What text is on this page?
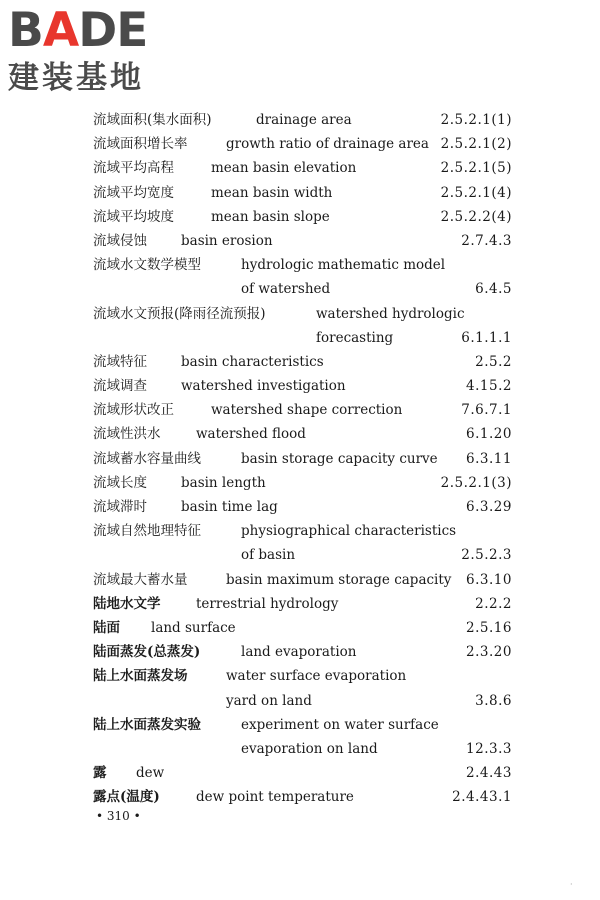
BADE
建装基地
流域面积(集水面积)	drainage area	2.5.2.1(1)
流域面积增长率	growth ratio of drainage area 2.5.2.1(2)
流域平均高程	mean basin elevation	2.5.2.1(5)
流域平均宽度	mean basin width	2.5.2.1(4)
流域平均坡度	mean basin slope	2.5.2.2(4)
流域侵蚀	basin erosion	2.7.4.3
流域水文数学模型	hydrologic mathematic model
of watershed	6.4.5
流域水文预报(降雨径流预报)	watershed hydrologic
forecasting	6.1.1.1
流域特征	basin characteristics	2.5.2
流域调查	watershed investigation	4.15.2
流域形状改正	watershed shape correction	7.6.7.1
流域性洪水	watershed flood	6.1.20
流域蓄水容量曲线	basin storage capacity curve 6.3.11
流域长度	basin length	2.5.2.1(3)
流域滞时	basin time lag	6.3.29
流域自然地理特征	physiographical characteristics
of basin	2.5.2.3
流域最大蓄水量	basin maximum storage capacity 6.3.10
陆地水文学	terrestrial hydrology	2.2.2
陆面 land surface	2.5.16
陆面蒸发(总蒸发)	land evaporation	2.3.20
陆上水面蒸发场	water surface evaporation
yard on land	3.8.6
陆上水面蒸发实验	experiment on water surface
evaporation on land	12.3.3
露 dew	2.4.43
露点(温度)	dew point temperature	2.4.43.1
• 310 •
·
